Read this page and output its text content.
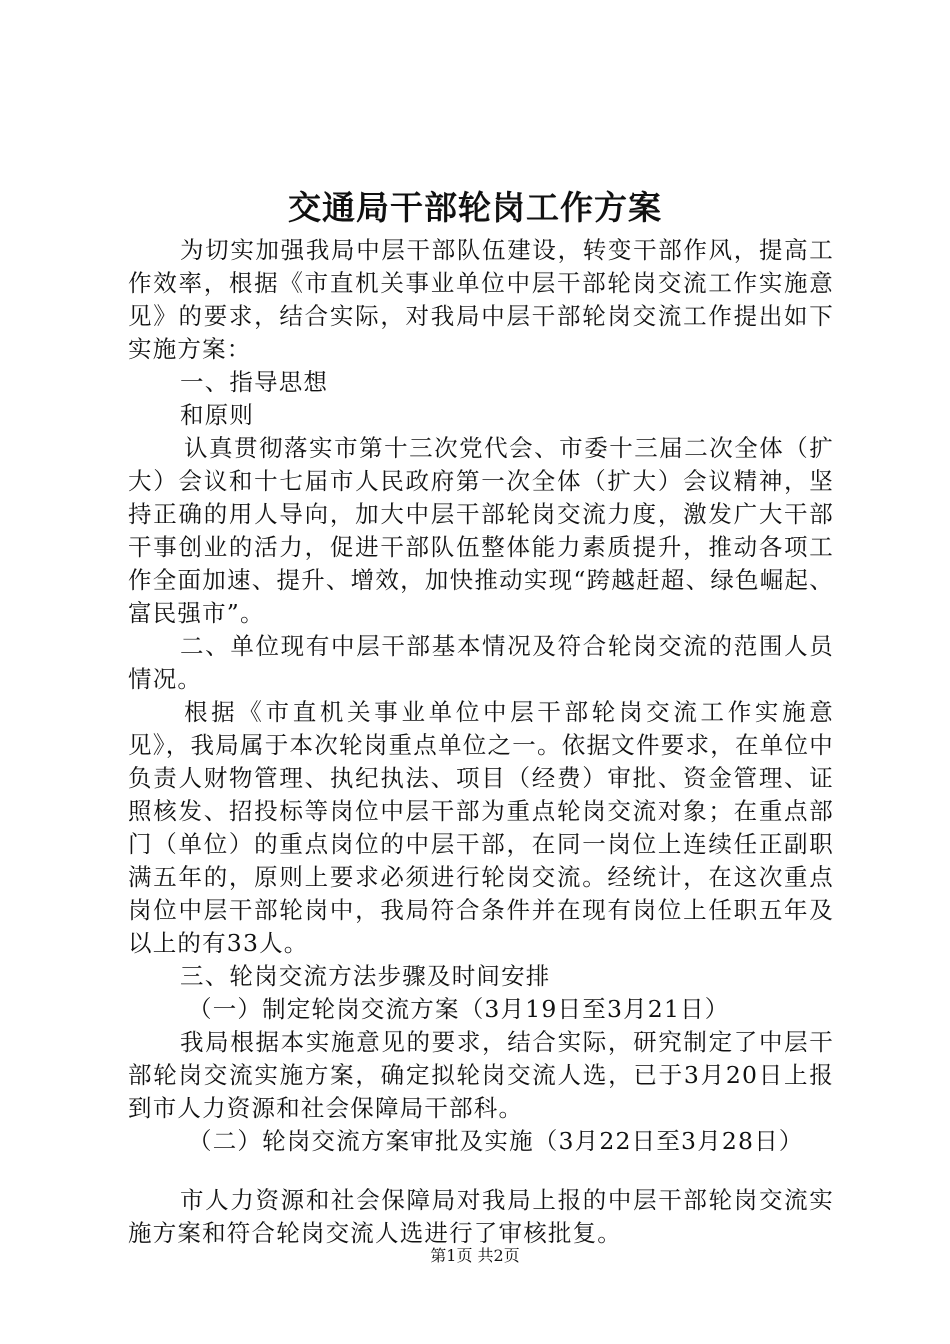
交通局干部轮岗工作方案

为切实加强我局中层干部队伍建设，转变干部作风，提高工作效率，根据《市直机关事业单位中层干部轮岗交流工作实施意见》的要求，结合实际，对我局中层干部轮岗交流工作提出如下实施方案：

一、指导思想

和原则

认真贯彻落实市第十三次党代会、市委十三届二次全体（扩大）会议和十七届市人民政府第一次全体（扩大）会议精神，坚持正确的用人导向，加大中层干部轮岗交流力度，激发广大干部干事创业的活力，促进干部队伍整体能力素质提升，推动各项工作全面加速、提升、增效，加快推动实现“跨越赶超、绿色崛起、富民强市”。

二、单位现有中层干部基本情况及符合轮岗交流的范围人员情况。

根据《市直机关事业单位中层干部轮岗交流工作实施意见》，我局属于本次轮岗重点单位之一。依据文件要求，在单位中负责人财物管理、执纪执法、项目（经费）审批、资金管理、证照核发、招投标等岗位中层干部为重点轮岗交流对象；在重点部门（单位）的重点岗位的中层干部，在同一岗位上连续任正副职满五年的，原则上要求必须进行轮岗交流。经统计，在这次重点岗位中层干部轮岗中，我局符合条件并在现有岗位上任职五年及以上的有33人。

三、轮岗交流方法步骤及时间安排

（一）制定轮岗交流方案（3月19日至3月21日）

我局根据本实施意见的要求，结合实际，研究制定了中层干部轮岗交流实施方案，确定拟轮岗交流人选，已于3月20日上报到市人力资源和社会保障局干部科。

（二）轮岗交流方案审批及实施（3月22日至3月28日）

市人力资源和社会保障局对我局上报的中层干部轮岗交流实施方案和符合轮岗交流人选进行了审核批复。

第1页 共2页
